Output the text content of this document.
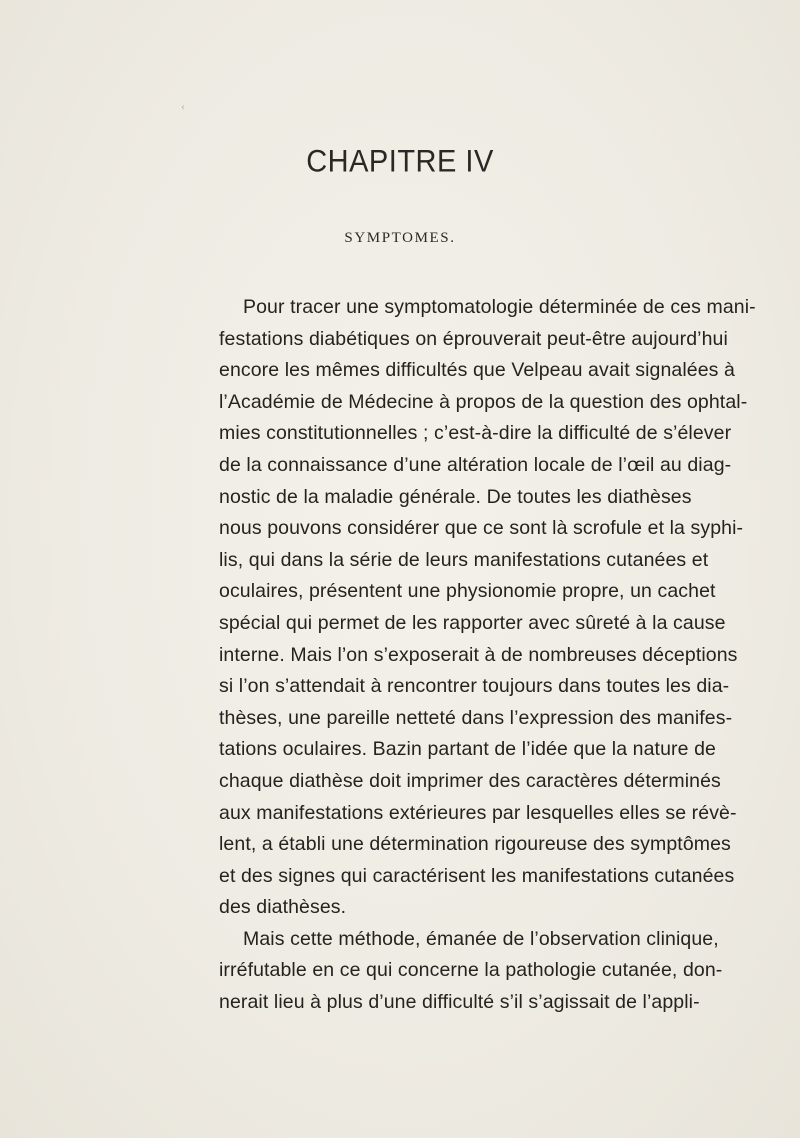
‹
CHAPITRE IV
SYMPTOMES.
Pour tracer une symptomatologie déterminée de ces mani-
festations diabétiques on éprouverait peut-être aujourd’hui
encore les mêmes difficultés que Velpeau avait signalées à
l’Académie de Médecine à propos de la question des ophtal-
mies constitutionnelles ; c’est-à-dire la difficulté de s’élever
de la connaissance d’une altération locale de l’œil au diag-
nostic de la maladie générale. De toutes les diathèses
nous pouvons considérer que ce sont là scrofule et la syphi-
lis, qui dans la série de leurs manifestations cutanées et
oculaires, présentent une physionomie propre, un cachet
spécial qui permet de les rapporter avec sûreté à la cause
interne. Mais l’on s’exposerait à de nombreuses déceptions
si l’on s’attendait à rencontrer toujours dans toutes les dia-
thèses, une pareille netteté dans l’expression des manifes-
tations oculaires. Bazin partant de l’idée que la nature de
chaque diathèse doit imprimer des caractères déterminés
aux manifestations extérieures par lesquelles elles se révè-
lent, a établi une détermination rigoureuse des symptômes
et des signes qui caractérisent les manifestations cutanées
des diathèses.
Mais cette méthode, émanée de l’observation clinique,
irréfutable en ce qui concerne la pathologie cutanée, don-
nerait lieu à plus d’une difficulté s’il s’agissait de l’appli-
